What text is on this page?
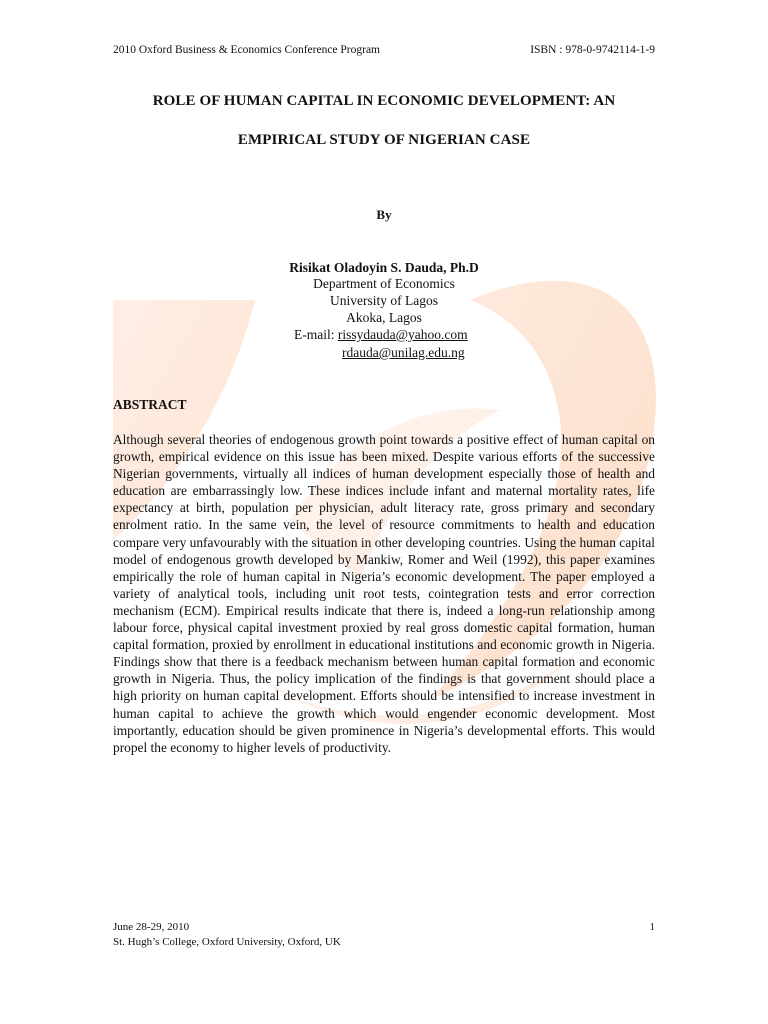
2010 Oxford Business & Economics Conference Program	ISBN : 978-0-9742114-1-9
ROLE OF HUMAN CAPITAL IN ECONOMIC DEVELOPMENT: AN
EMPIRICAL STUDY OF NIGERIAN CASE
By
Risikat Oladoyin S. Dauda, Ph.D
Department of Economics
University of Lagos
Akoka, Lagos
E-mail: rissydauda@yahoo.com
rdauda@unilag.edu.ng
ABSTRACT

Although several theories of endogenous growth point towards a positive effect of human capital on growth, empirical evidence on this issue has been mixed. Despite various efforts of the successive Nigerian governments, virtually all indices of human development especially those of health and education are embarrassingly low. These indices include infant and maternal mortality rates, life expectancy at birth, population per physician, adult literacy rate, gross primary and secondary enrolment ratio. In the same vein, the level of resource commitments to health and education compare very unfavourably with the situation in other developing countries. Using the human capital model of endogenous growth developed by Mankiw, Romer and Weil (1992), this paper examines empirically the role of human capital in Nigeria’s economic development. The paper employed a variety of analytical tools, including unit root tests, cointegration tests and error correction mechanism (ECM). Empirical results indicate that there is, indeed a long-run relationship among labour force, physical capital investment proxied by real gross domestic capital formation, human capital formation, proxied by enrollment in educational institutions and economic growth in Nigeria. Findings show that there is a feedback mechanism between human capital formation and economic growth in Nigeria. Thus, the policy implication of the findings is that government should place a high priority on human capital development. Efforts should be intensified to increase investment in human capital to achieve the growth which would engender economic development. Most importantly, education should be given prominence in Nigeria’s developmental efforts. This would propel the economy to higher levels of productivity.

June 28-29, 2010
St. Hugh’s College, Oxford University, Oxford, UK
1
